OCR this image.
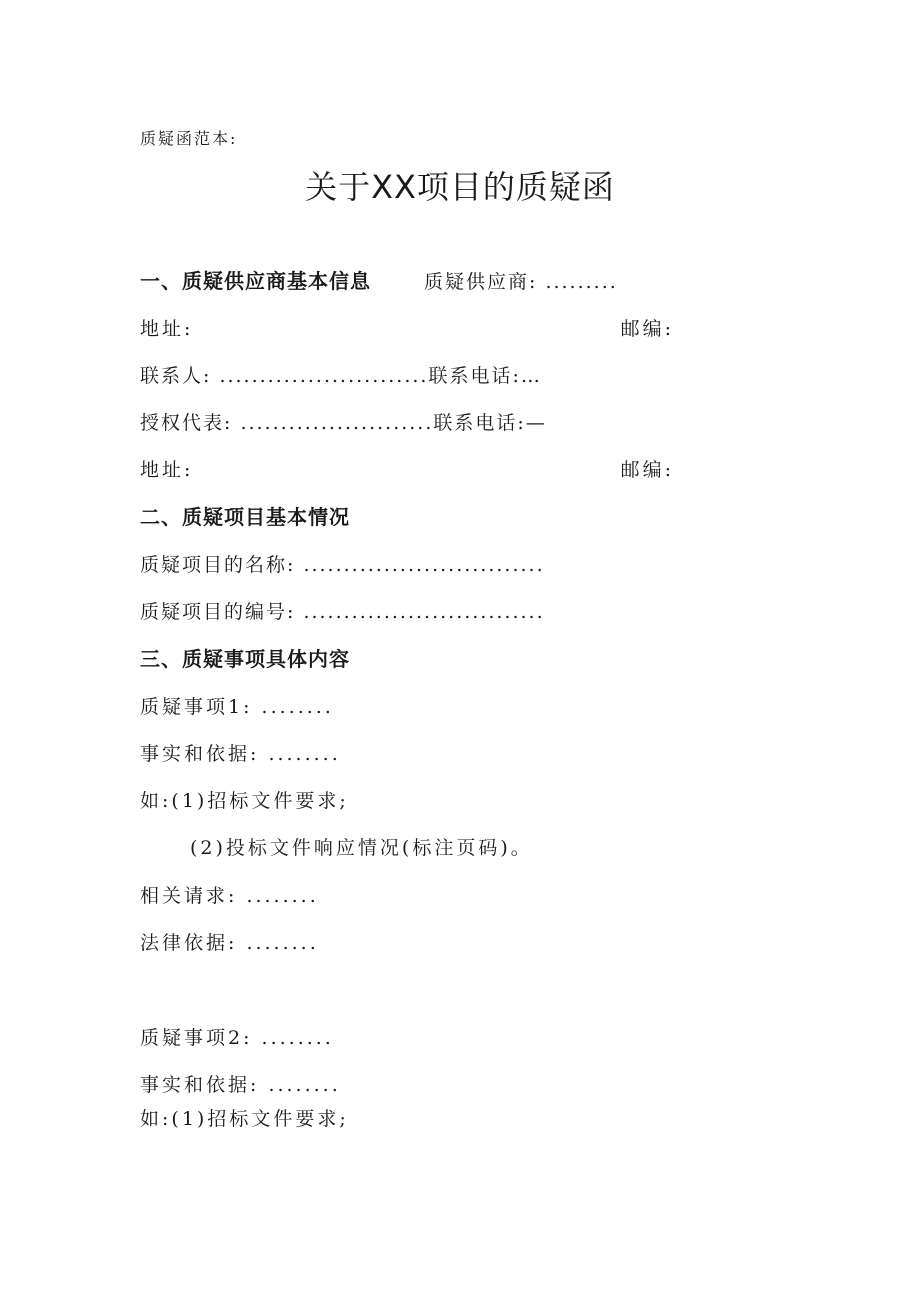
质疑函范本:
关于XX项目的质疑函
一、质疑供应商基本信息	质疑供应商: .........
地址:	邮编:
联系人: ..........................联系电话:…
授权代表: ........................联系电话:—
地址:	邮编:
二、质疑项目基本情况
质疑项目的名称: ..............................
质疑项目的编号: ..............................
三、质疑事项具体内容
质疑事项1: ........
事实和依据: ........
如:(1)招标文件要求;
(2)投标文件响应情况(标注页码)。
相关请求: ........
法律依据: ........
质疑事项2: ........
事实和依据: ........
如:(1)招标文件要求;
